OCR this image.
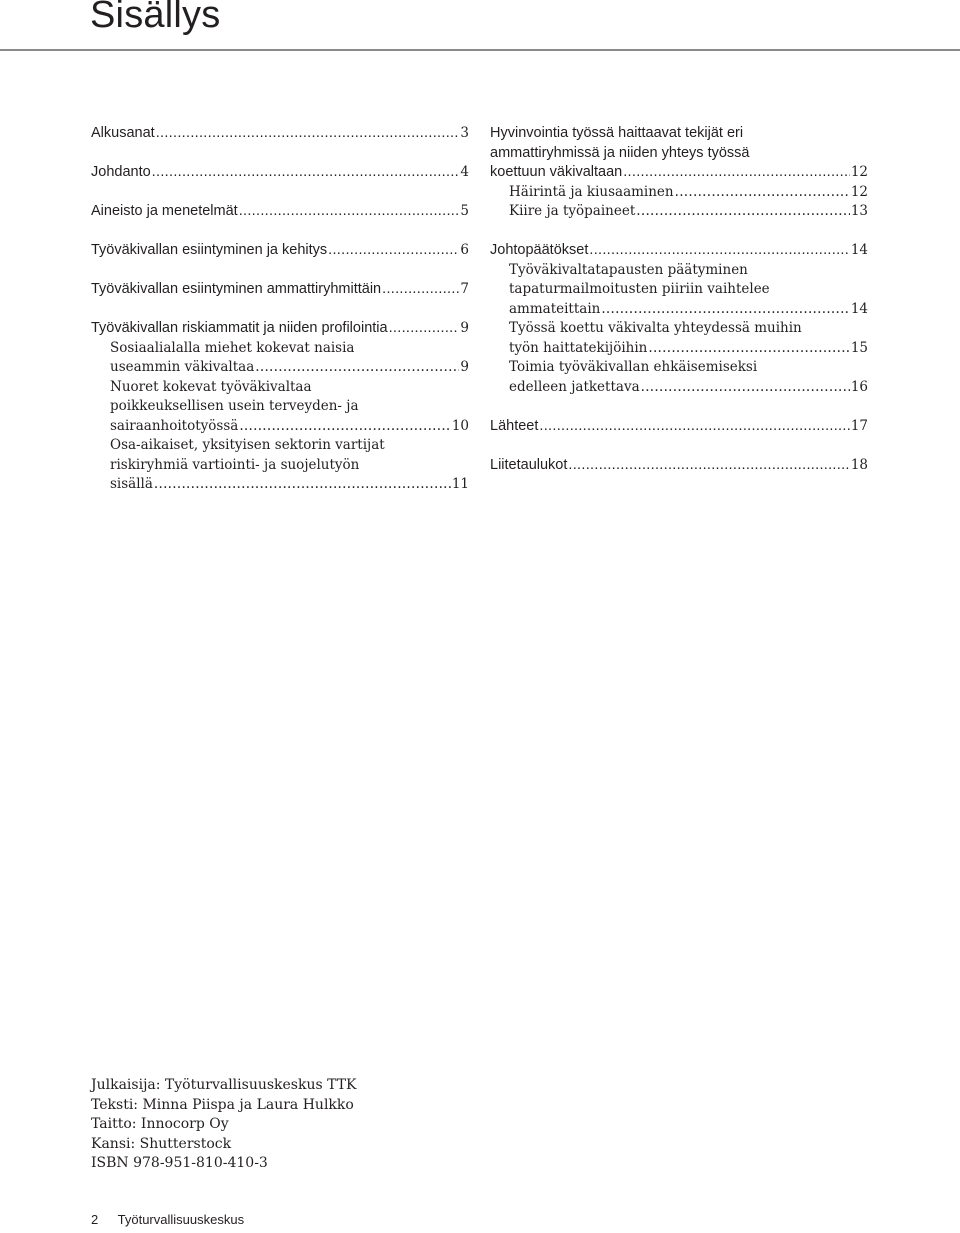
Sisällys
Alkusanat .....	3
Johdanto .....	4
Aineisto ja menetelmät .....	5
Työväkivallan esiintyminen ja kehitys .....	6
Työväkivallan esiintyminen ammattiryhmittäin .....	7
Työväkivallan riskiammatit ja niiden profilointia .....	9
Sosiaalialalla miehet kokevat naisia
useammin väkivaltaa .....	9
Nuoret kokevat työväkivaltaa
poikkeuksellisen usein terveyden- ja
sairaanhoitotyössä .....	10
Osa-aikaiset, yksityisen sektorin vartijat
riskiryhmiä vartiointi- ja suojelutyön
sisällä .....	11
Hyvinvointia työssä haittaavat tekijät eri
ammattiryhmissä ja niiden yhteys työssä
koettuun väkivaltaan .....	12
Häirintä ja kiusaaminen .....	12
Kiire ja työpaineet .....	13
Johtopäätökset .....	14
Työväkivaltatapausten päätyminen
tapaturmailmoitusten piiriin vaihtelee
ammateittain .....	14
Työssä koettu väkivalta yhteydessä muihin
työn haittatekijöihin .....	15
Toimia työväkivallan ehkäisemiseksi
edelleen jatkettava .....	16
Lähteet .....	17
Liitetaulukot .....	18
Julkaisija: Työturvallisuuskeskus TTK
Teksti: Minna Piispa ja Laura Hulkko
Taitto: Innocorp Oy
Kansi: Shutterstock
ISBN 978-951-810-410-3
2 Työturvallisuuskeskus
